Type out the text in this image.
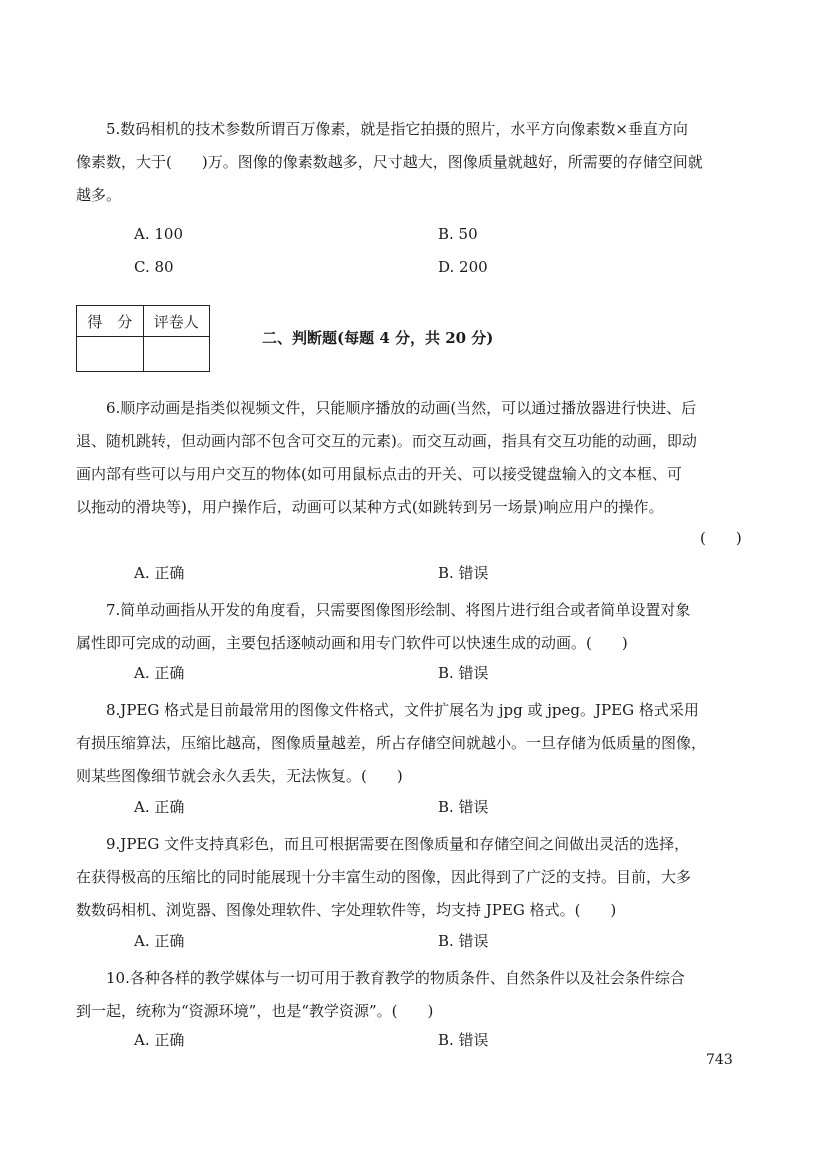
5.数码相机的技术参数所谓百万像素，就是指它拍摄的照片，水平方向像素数×垂直方向
像素数，大于(　　)万。图像的像素数越多，尺寸越大，图像质量就越好，所需要的存储空间就
越多。
A. 100	B. 50
C. 80	D. 200
得　分	评卷人

二、判断题(每题 4 分，共 20 分)
6.顺序动画是指类似视频文件，只能顺序播放的动画(当然，可以通过播放器进行快进、后
退、随机跳转，但动画内部不包含可交互的元素)。而交互动画，指具有交互功能的动画，即动
画内部有些可以与用户交互的物体(如可用鼠标点击的开关、可以接受键盘输入的文本框、可
以拖动的滑块等)，用户操作后，动画可以某种方式(如跳转到另一场景)响应用户的操作。
(　　)
A. 正确	B. 错误
7.简单动画指从开发的角度看，只需要图像图形绘制、将图片进行组合或者简单设置对象
属性即可完成的动画，主要包括逐帧动画和用专门软件可以快速生成的动画。(　　)
A. 正确	B. 错误
8.JPEG 格式是目前最常用的图像文件格式，文件扩展名为 jpg 或 jpeg。JPEG 格式采用
有损压缩算法，压缩比越高，图像质量越差，所占存储空间就越小。一旦存储为低质量的图像，
则某些图像细节就会永久丢失，无法恢复。(　　)
A. 正确	B. 错误
9.JPEG 文件支持真彩色，而且可根据需要在图像质量和存储空间之间做出灵活的选择，
在获得极高的压缩比的同时能展现十分丰富生动的图像，因此得到了广泛的支持。目前，大多
数数码相机、浏览器、图像处理软件、字处理软件等，均支持 JPEG 格式。(　　)
A. 正确	B. 错误
10.各种各样的教学媒体与一切可用于教育教学的物质条件、自然条件以及社会条件综合
到一起，统称为“资源环境”，也是“教学资源”。(　　)
A. 正确	B. 错误
743
